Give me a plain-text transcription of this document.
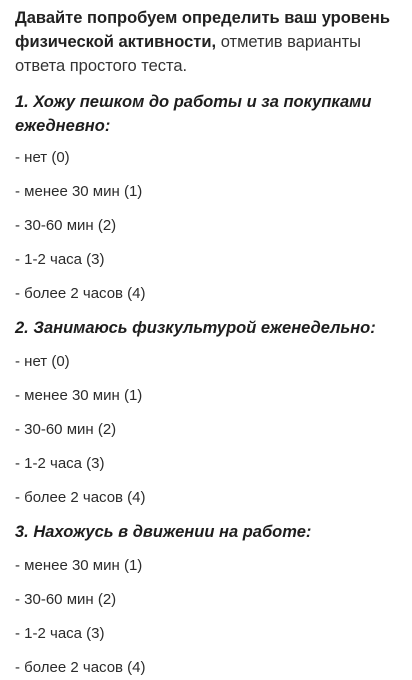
Давайте попробуем определить ваш уровень физической активности, отметив варианты ответа простого теста.
1. Хожу пешком до работы и за покупками ежедневно:
- нет (0)
- менее 30 мин (1)
- 30-60 мин (2)
- 1-2 часа (3)
- более 2 часов (4)
2. Занимаюсь физкультурой еженедельно:
- нет (0)
- менее 30 мин (1)
- 30-60 мин (2)
- 1-2 часа (3)
- более 2 часов (4)
3. Нахожусь в движении на работе:
- менее 30 мин (1)
- 30-60 мин (2)
- 1-2 часа (3)
- более 2 часов (4)
